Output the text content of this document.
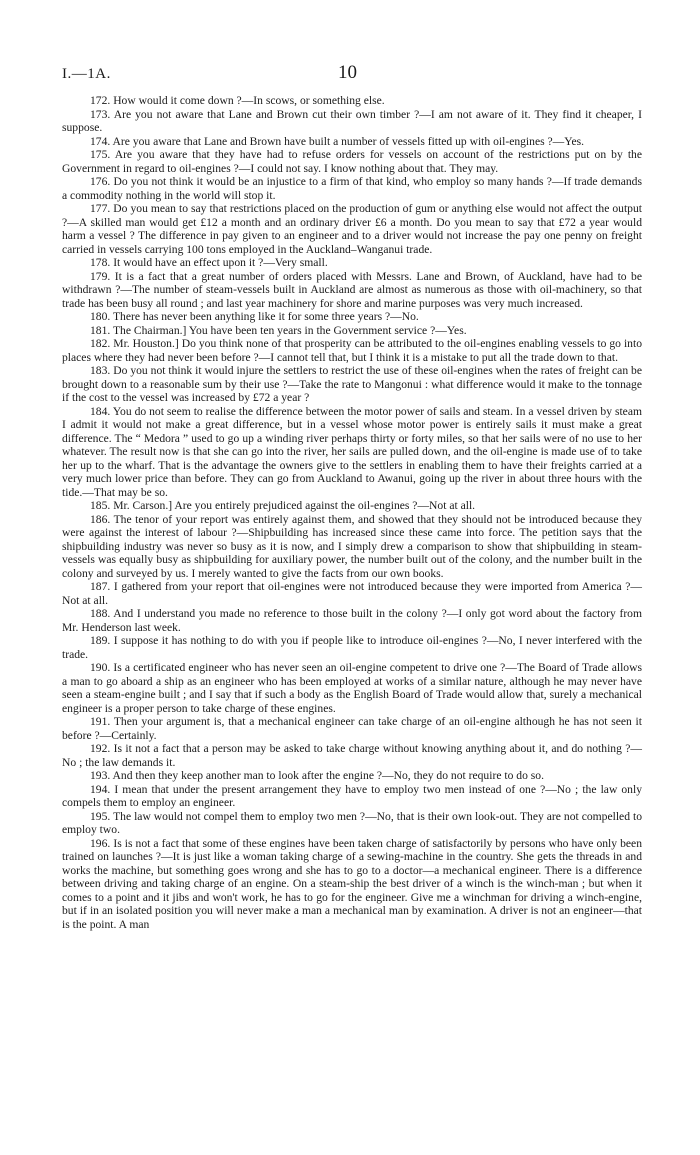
I.—1A.	10

172. How would it come down ?—In scows, or something else.

173. Are you not aware that Lane and Brown cut their own timber ?—I am not aware of it. They find it cheaper, I suppose.

174. Are you aware that Lane and Brown have built a number of vessels fitted up with oil-engines ?—Yes.

175. Are you aware that they have had to refuse orders for vessels on account of the restrictions put on by the Government in regard to oil-engines ?—I could not say. I know nothing about that. They may.

176. Do you not think it would be an injustice to a firm of that kind, who employ so many hands ?—If trade demands a commodity nothing in the world will stop it.

177. Do you mean to say that restrictions placed on the production of gum or anything else would not affect the output ?—A skilled man would get £12 a month and an ordinary driver £6 a month. Do you mean to say that £72 a year would harm a vessel ? The difference in pay given to an engineer and to a driver would not increase the pay one penny on freight carried in vessels carrying 100 tons employed in the Auckland–Wanganui trade.

178. It would have an effect upon it ?—Very small.

179. It is a fact that a great number of orders placed with Messrs. Lane and Brown, of Auckland, have had to be withdrawn ?—The number of steam-vessels built in Auckland are almost as numerous as those with oil-machinery, so that trade has been busy all round ; and last year machinery for shore and marine purposes was very much increased.

180. There has never been anything like it for some three years ?—No.

181. The Chairman.] You have been ten years in the Government service ?—Yes.

182. Mr. Houston.] Do you think none of that prosperity can be attributed to the oil-engines enabling vessels to go into places where they had never been before ?—I cannot tell that, but I think it is a mistake to put all the trade down to that.

183. Do you not think it would injure the settlers to restrict the use of these oil-engines when the rates of freight can be brought down to a reasonable sum by their use ?—Take the rate to Mangonui : what difference would it make to the tonnage if the cost to the vessel was increased by £72 a year ?

184. You do not seem to realise the difference between the motor power of sails and steam. In a vessel driven by steam I admit it would not make a great difference, but in a vessel whose motor power is entirely sails it must make a great difference. The “ Medora ” used to go up a winding river perhaps thirty or forty miles, so that her sails were of no use to her whatever. The result now is that she can go into the river, her sails are pulled down, and the oil-engine is made use of to take her up to the wharf. That is the advantage the owners give to the settlers in enabling them to have their freights carried at a very much lower price than before. They can go from Auckland to Awanui, going up the river in about three hours with the tide.—That may be so.

185. Mr. Carson.] Are you entirely prejudiced against the oil-engines ?—Not at all.

186. The tenor of your report was entirely against them, and showed that they should not be introduced because they were against the interest of labour ?—Shipbuilding has increased since these came into force. The petition says that the shipbuilding industry was never so busy as it is now, and I simply drew a comparison to show that shipbuilding in steam-vessels was equally busy as shipbuilding for auxiliary power, the number built out of the colony, and the number built in the colony and surveyed by us. I merely wanted to give the facts from our own books.

187. I gathered from your report that oil-engines were not introduced because they were imported from America ?—Not at all.

188. And I understand you made no reference to those built in the colony ?—I only got word about the factory from Mr. Henderson last week.

189. I suppose it has nothing to do with you if people like to introduce oil-engines ?—No, I never interfered with the trade.

190. Is a certificated engineer who has never seen an oil-engine competent to drive one ?—The Board of Trade allows a man to go aboard a ship as an engineer who has been employed at works of a similar nature, although he may never have seen a steam-engine built ; and I say that if such a body as the English Board of Trade would allow that, surely a mechanical engineer is a proper person to take charge of these engines.

191. Then your argument is, that a mechanical engineer can take charge of an oil-engine although he has not seen it before ?—Certainly.

192. Is it not a fact that a person may be asked to take charge without knowing anything about it, and do nothing ?—No ; the law demands it.

193. And then they keep another man to look after the engine ?—No, they do not require to do so.

194. I mean that under the present arrangement they have to employ two men instead of one ?—No ; the law only compels them to employ an engineer.

195. The law would not compel them to employ two men ?—No, that is their own look-out. They are not compelled to employ two.

196. Is is not a fact that some of these engines have been taken charge of satisfactorily by persons who have only been trained on launches ?—It is just like a woman taking charge of a sewing-machine in the country. She gets the threads in and works the machine, but something goes wrong and she has to go to a doctor—a mechanical engineer. There is a difference between driving and taking charge of an engine. On a steam-ship the best driver of a winch is the winch-man ; but when it comes to a point and it jibs and won't work, he has to go for the engineer. Give me a winchman for driving a winch-engine, but if in an isolated position you will never make a man a mechanical man by examination. A driver is not an engineer—that is the point. A man
